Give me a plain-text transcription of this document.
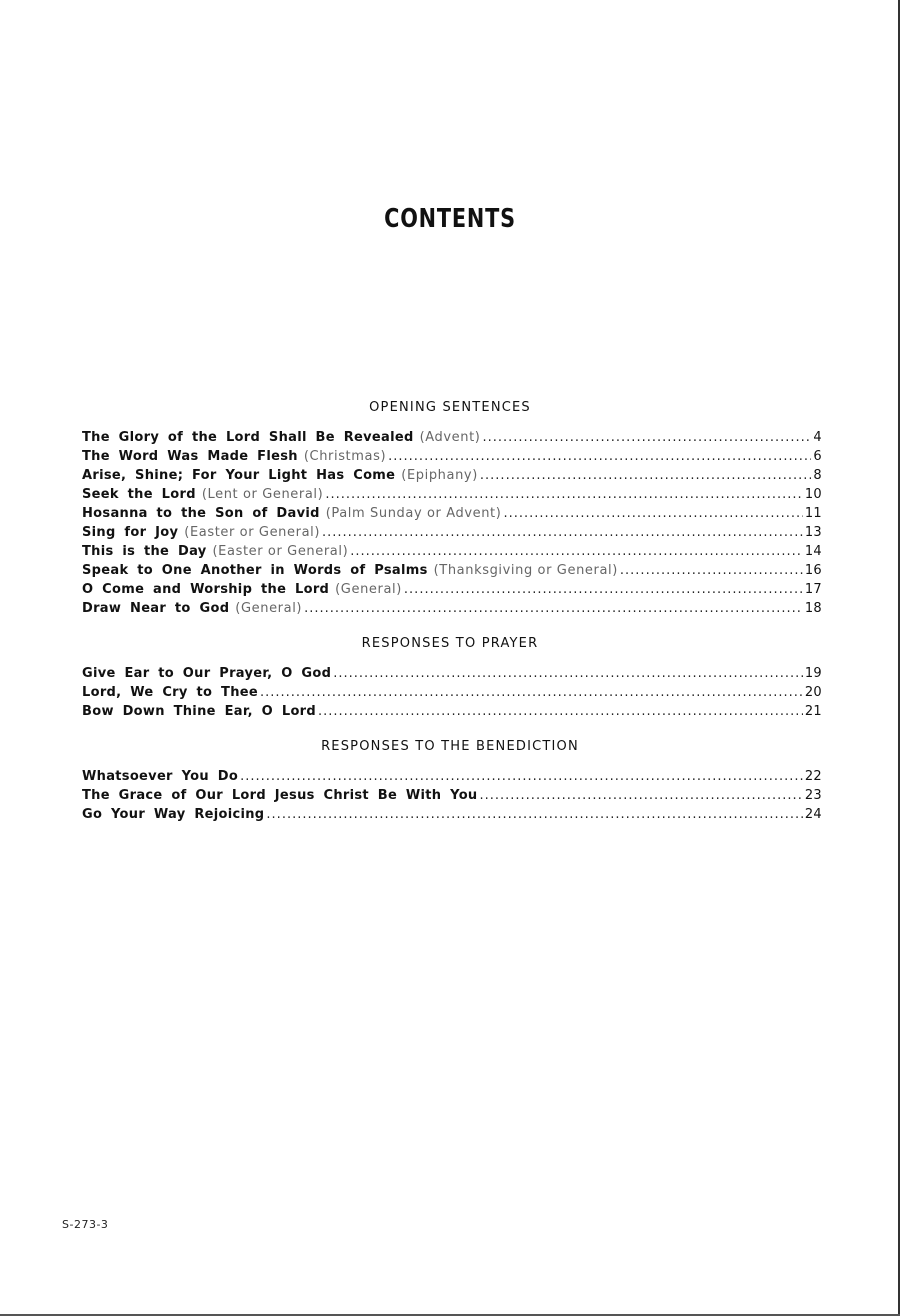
CONTENTS
OPENING SENTENCES
The Glory of the Lord Shall Be Revealed (Advent) .....	4
The Word Was Made Flesh (Christmas) .....	6
Arise, Shine; For Your Light Has Come (Epiphany) .....	8
Seek the Lord (Lent or General) .....	10
Hosanna to the Son of David (Palm Sunday or Advent) .....	11
Sing for Joy (Easter or General) .....	13
This is the Day (Easter or General) .....	14
Speak to One Another in Words of Psalms (Thanksgiving or General) .....	16
O Come and Worship the Lord (General) .....	17
Draw Near to God (General) .....	18
RESPONSES TO PRAYER
Give Ear to Our Prayer, O God .....	19
Lord, We Cry to Thee .....	20
Bow Down Thine Ear, O Lord .....	21
RESPONSES TO THE BENEDICTION
Whatsoever You Do .....	22
The Grace of Our Lord Jesus Christ Be With You .....	23
Go Your Way Rejoicing .....	24
S-273-3
